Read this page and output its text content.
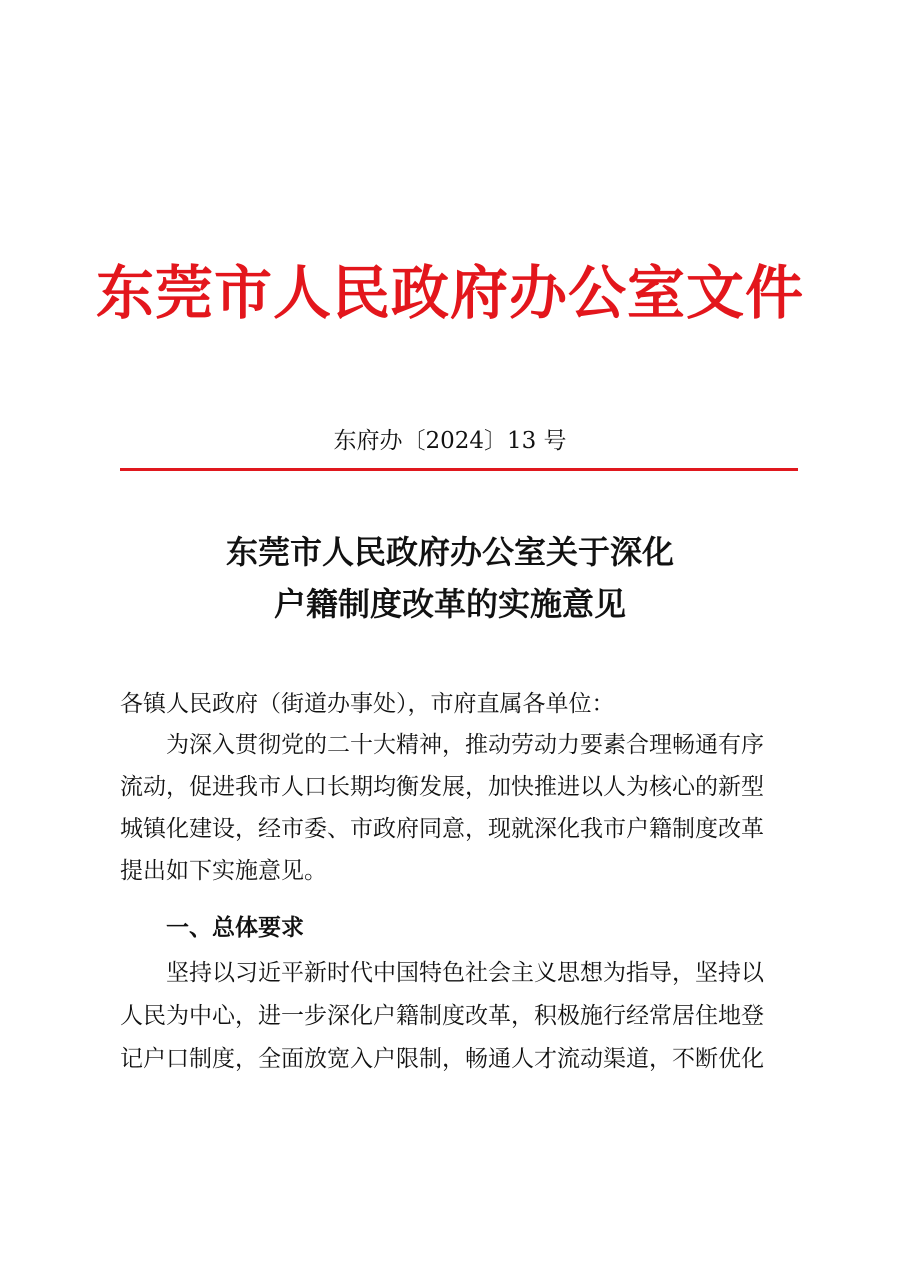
东莞市人民政府办公室文件
东府办〔2024〕13 号
东莞市人民政府办公室关于深化
户籍制度改革的实施意见
各镇人民政府（街道办事处），市府直属各单位：
为深入贯彻党的二十大精神，推动劳动力要素合理畅通有序
流动，促进我市人口长期均衡发展，加快推进以人为核心的新型
城镇化建设，经市委、市政府同意，现就深化我市户籍制度改革
提出如下实施意见。
一、总体要求
坚持以习近平新时代中国特色社会主义思想为指导，坚持以
人民为中心，进一步深化户籍制度改革，积极施行经常居住地登
记户口制度，全面放宽入户限制，畅通人才流动渠道，不断优化
